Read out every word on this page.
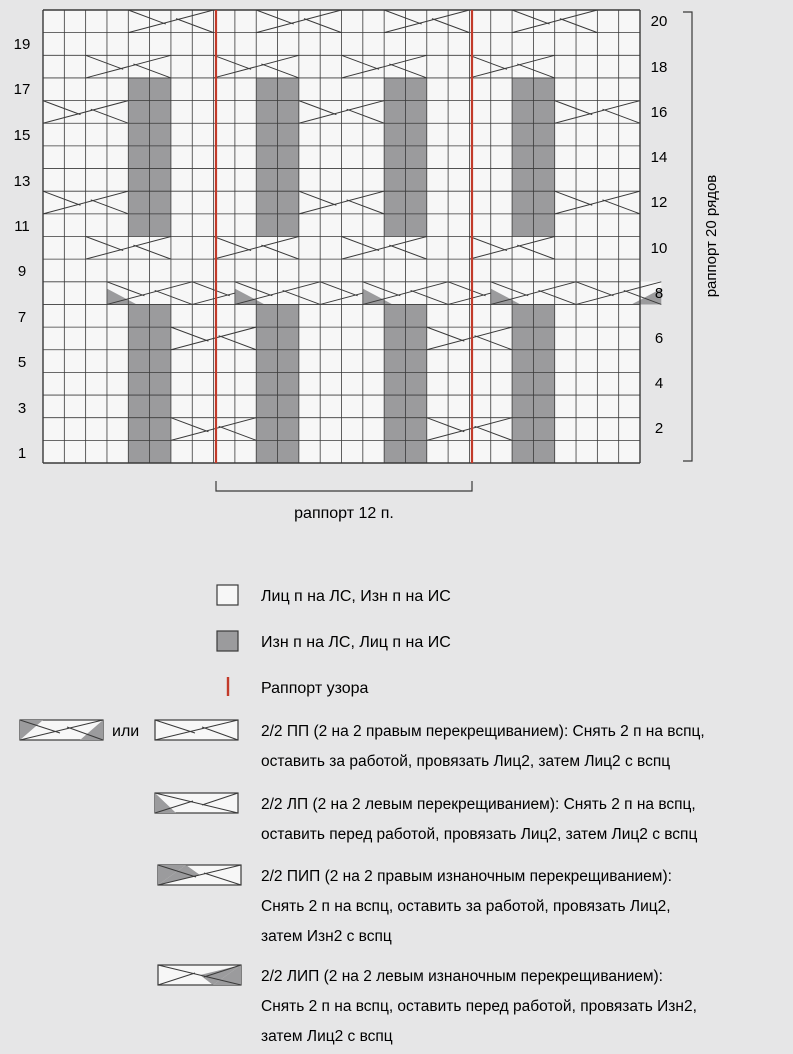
19
17
15
13
11
9
7
5
3
1
20
18
16
14
12
10
8
6
4
2
раппорт 20 рядов
раппорт 12 п.
Лиц п на ЛС, Изн п на ИС
Изн п на ЛС, Лиц п на ИС
Раппорт узора
или	2/2 ПП (2 на 2 правым перекрещиванием): Снять 2 п на вспц,
оставить за работой, провязать Лиц2, затем Лиц2 с вспц
2/2 ЛП (2 на 2 левым перекрещиванием): Снять 2 п на вспц,
оставить перед работой, провязать Лиц2, затем Лиц2 с вспц
2/2 ПИП (2 на 2 правым изнаночным перекрещиванием):
Снять 2 п на вспц, оставить за работой, провязать Лиц2,
затем Изн2 с вспц
2/2 ЛИП (2 на 2 левым изнаночным перекрещиванием):
Снять 2 п на вспц, оставить перед работой, провязать Изн2,
затем Лиц2 с вспц
